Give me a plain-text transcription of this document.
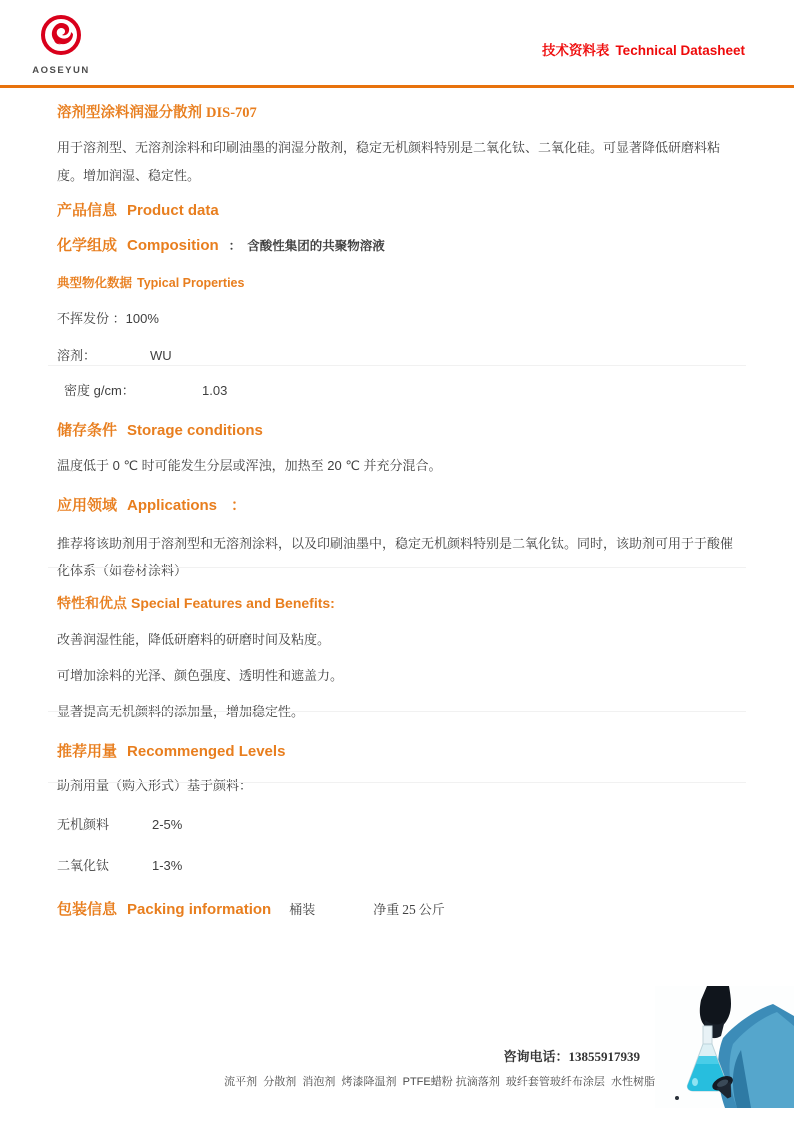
AOSEYUN
技术资料表 Technical Datasheet
溶剂型涂料润湿分散剂 DIS-707

用于溶剂型、无溶剂涂料和印刷油墨的润湿分散剂，稳定无机颜料特别是二氧化钛、二氧化硅。可显著降低研磨料粘度。增加润湿、稳定性。

产品信息 Product data
化学组成 Composition ： 含酸性集团的共聚物溶液
典型物化数据 Typical Properties
不挥发份 ：100%
溶剂：	WU
密度 g/cm：	1.03
储存条件 Storage conditions

温度低于 0 ℃ 时可能发生分层或浑浊，加热至 20 ℃ 并充分混合。

应用领域 Applications ：

推荐将该助剂用于溶剂型和无溶剂涂料，以及印刷油墨中，稳定无机颜料特别是二氧化钛。同时，该助剂可用于于酸催化体系（如卷材涂料）

特性和优点 Special Features and Benefits:

改善润湿性能，降低研磨料的研磨时间及粘度。

可增加涂料的光泽、颜色强度、透明性和遮盖力。

显著提高无机颜料的添加量，增加稳定性。

推荐用量 Recommenged Levels

助剂用量（购入形式）基于颜料：

无机颜料	2-5%
二氧化钛	1-3%
包装信息 Packing information 桶装	净重 25 公斤
咨询电话：13855917939
流平剂  分散剂  消泡剂  烤漆降温剂  PTFE蜡粉 抗滴落剂  玻纤套管玻纤布涂层  水性树脂
